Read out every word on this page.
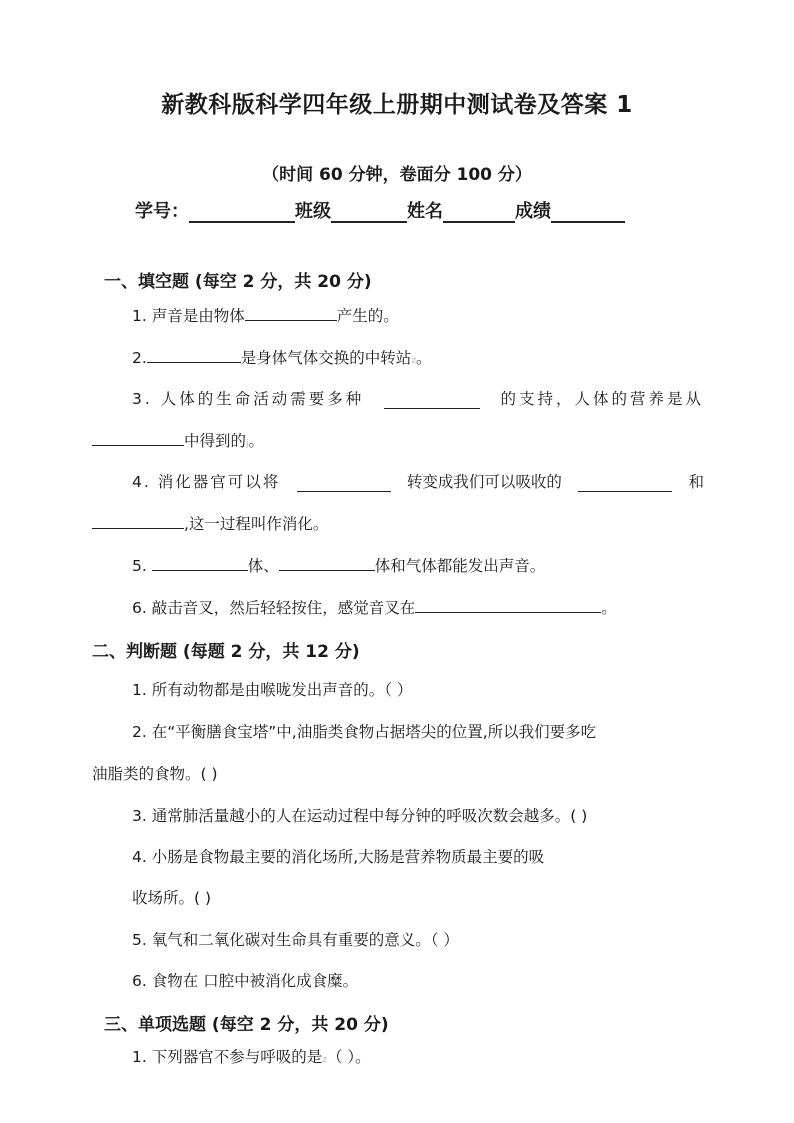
新教科版科学四年级上册期中测试卷及答案 1
（时间 60 分钟，卷面分 100 分）
学号：	班级	姓名	成绩
一、填空题 (每空 2 分，共 20 分)
1. 声音是由物体	产生的。
2.	是身体气体交换的中转站z。
3. 人体的生命活动需要多种	的支持，人体的营养是从
中得到的j。
4. 消化器官可以将	转变成我们可以吸收的	和
,这一过程叫作消化。
5.	体、	体和气体都能发出声音。
6. 敲击音叉，然后轻轻按住，感觉音叉在	。
二、判断题 (每题 2 分，共 12 分)
1. 所有动物都是由喉咙发出声音的。（ ）
2. 在“平衡膳食宝塔”中,油脂类食物占据塔尖的位置,所以我们要多吃
油脂类的食物。( )
3. 通常肺活量越小的人在运动过程中每分钟的呼吸次数会越多。( )
4. 小肠是食物最主要的消化场所,大肠是营养物质最主要的吸
收场所。( )
5. 氧气和二氧化碳对生命具有重要的意义。（ ）
6. 食物在 口腔中被消化成食糜。
三、单项选题 (每空 2 分，共 20 分)
1. 下列器官不参与呼吸的是z（ ）。
